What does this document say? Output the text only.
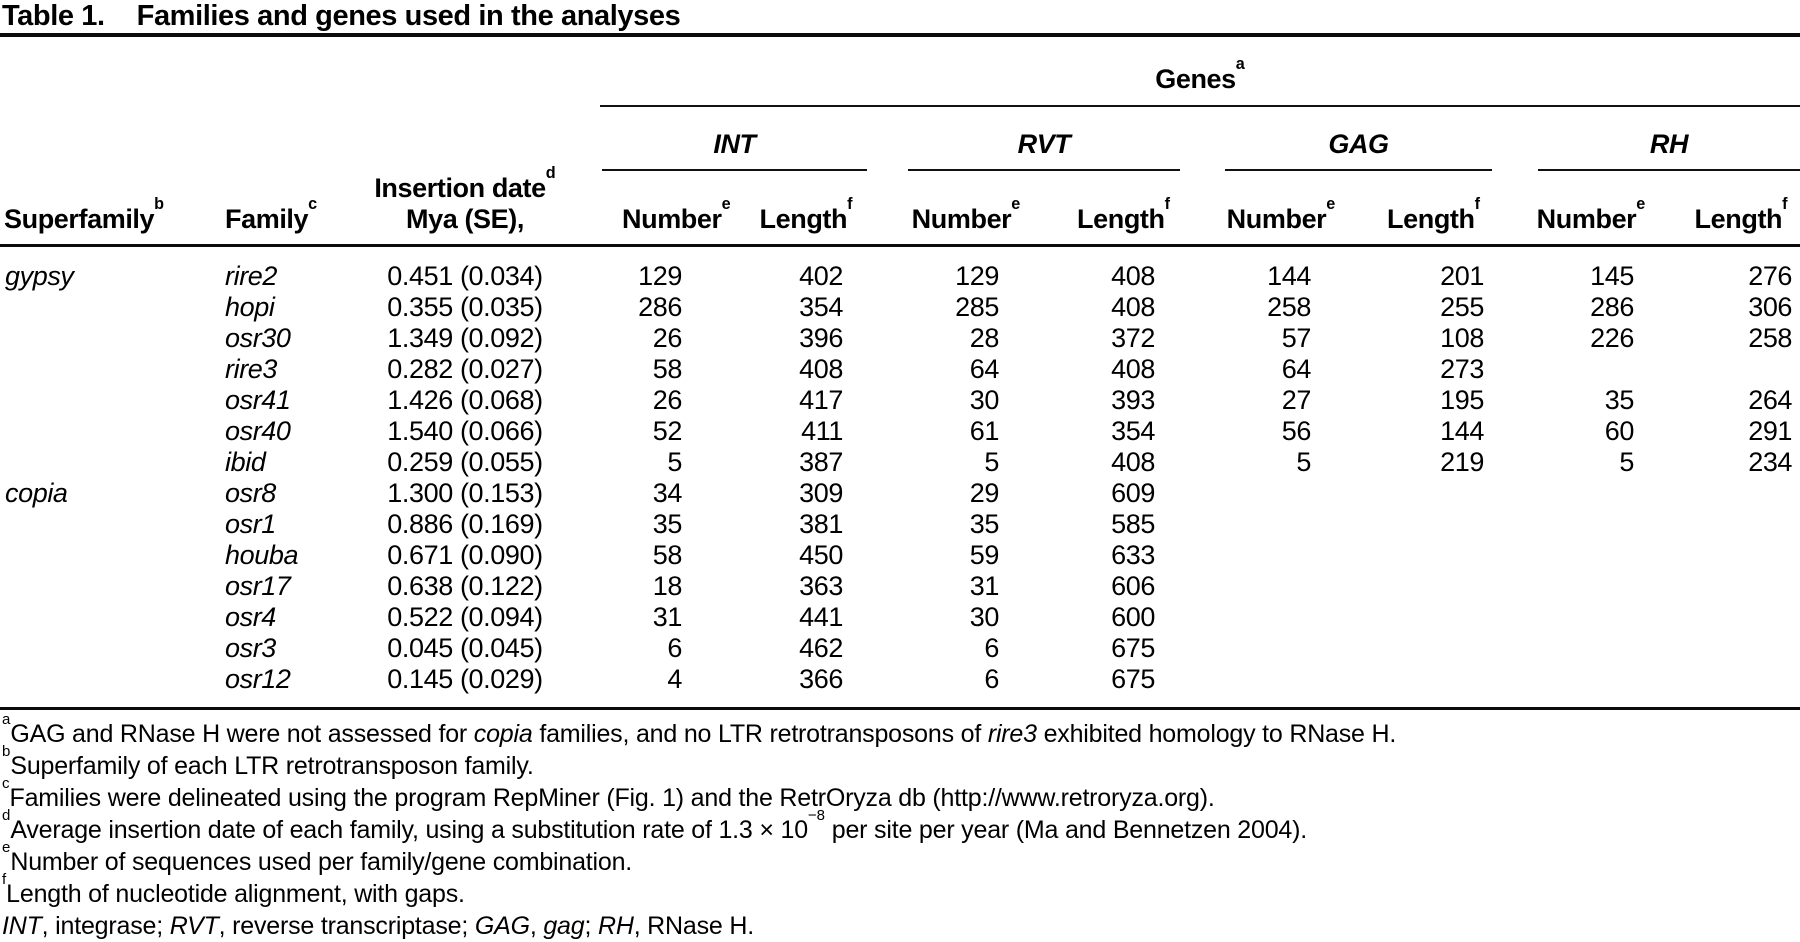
Table 1. Families and genes used in the analyses

			Genes$^a$

			INT		RVT		GAG		RH	

Superfamily$^b$	Family$^c$	Insertion date$^d$
Mya (SE),	Number$^e$	Length$^f$	Number$^e$	Length$^f$	Number$^e$	Length$^f$	Number$^e$	Length$^f$
gypsy	rire2	0.451 (0.034)	129	402	129	408	144	201	145	276
	hopi	0.355 (0.035)	286	354	285	408	258	255	286	306
	osr30	1.349 (0.092)	26	396	28	372	57	108	226	258
	rire3	0.282 (0.027)	58	408	64	408	64	273		
	osr41	1.426 (0.068)	26	417	30	393	27	195	35	264
	osr40	1.540 (0.066)	52	411	61	354	56	144	60	291
	ibid	0.259 (0.055)	5	387	5	408	5	219	5	234
copia	osr8	1.300 (0.153)	34	309	29	609				
	osr1	0.886 (0.169)	35	381	35	585				
	houba	0.671 (0.090)	58	450	59	633				
	osr17	0.638 (0.122)	18	363	31	606				
	osr4	0.522 (0.094)	31	441	30	600				
	osr3	0.045 (0.045)	6	462	6	675				
	osr12	0.145 (0.029)	4	366	6	675				
$^a$GAG and RNase H were not assessed for copia families, and no LTR retrotransposons of rire3 exhibited homology to RNase H.
$^b$Superfamily of each LTR retrotransposon family.
$^c$Families were delineated using the program RepMiner (Fig. 1) and the RetrOryza db (http://www.retroryza.org).
$^d$Average insertion date of each family, using a substitution rate of $1.3 \times 10^{-8}$ per site per year (Ma and Bennetzen 2004).
$^e$Number of sequences used per family/gene combination.
$^f$Length of nucleotide alignment, with gaps.
INT, integrase; RVT, reverse transcriptase; GAG, gag; RH, RNase H.
